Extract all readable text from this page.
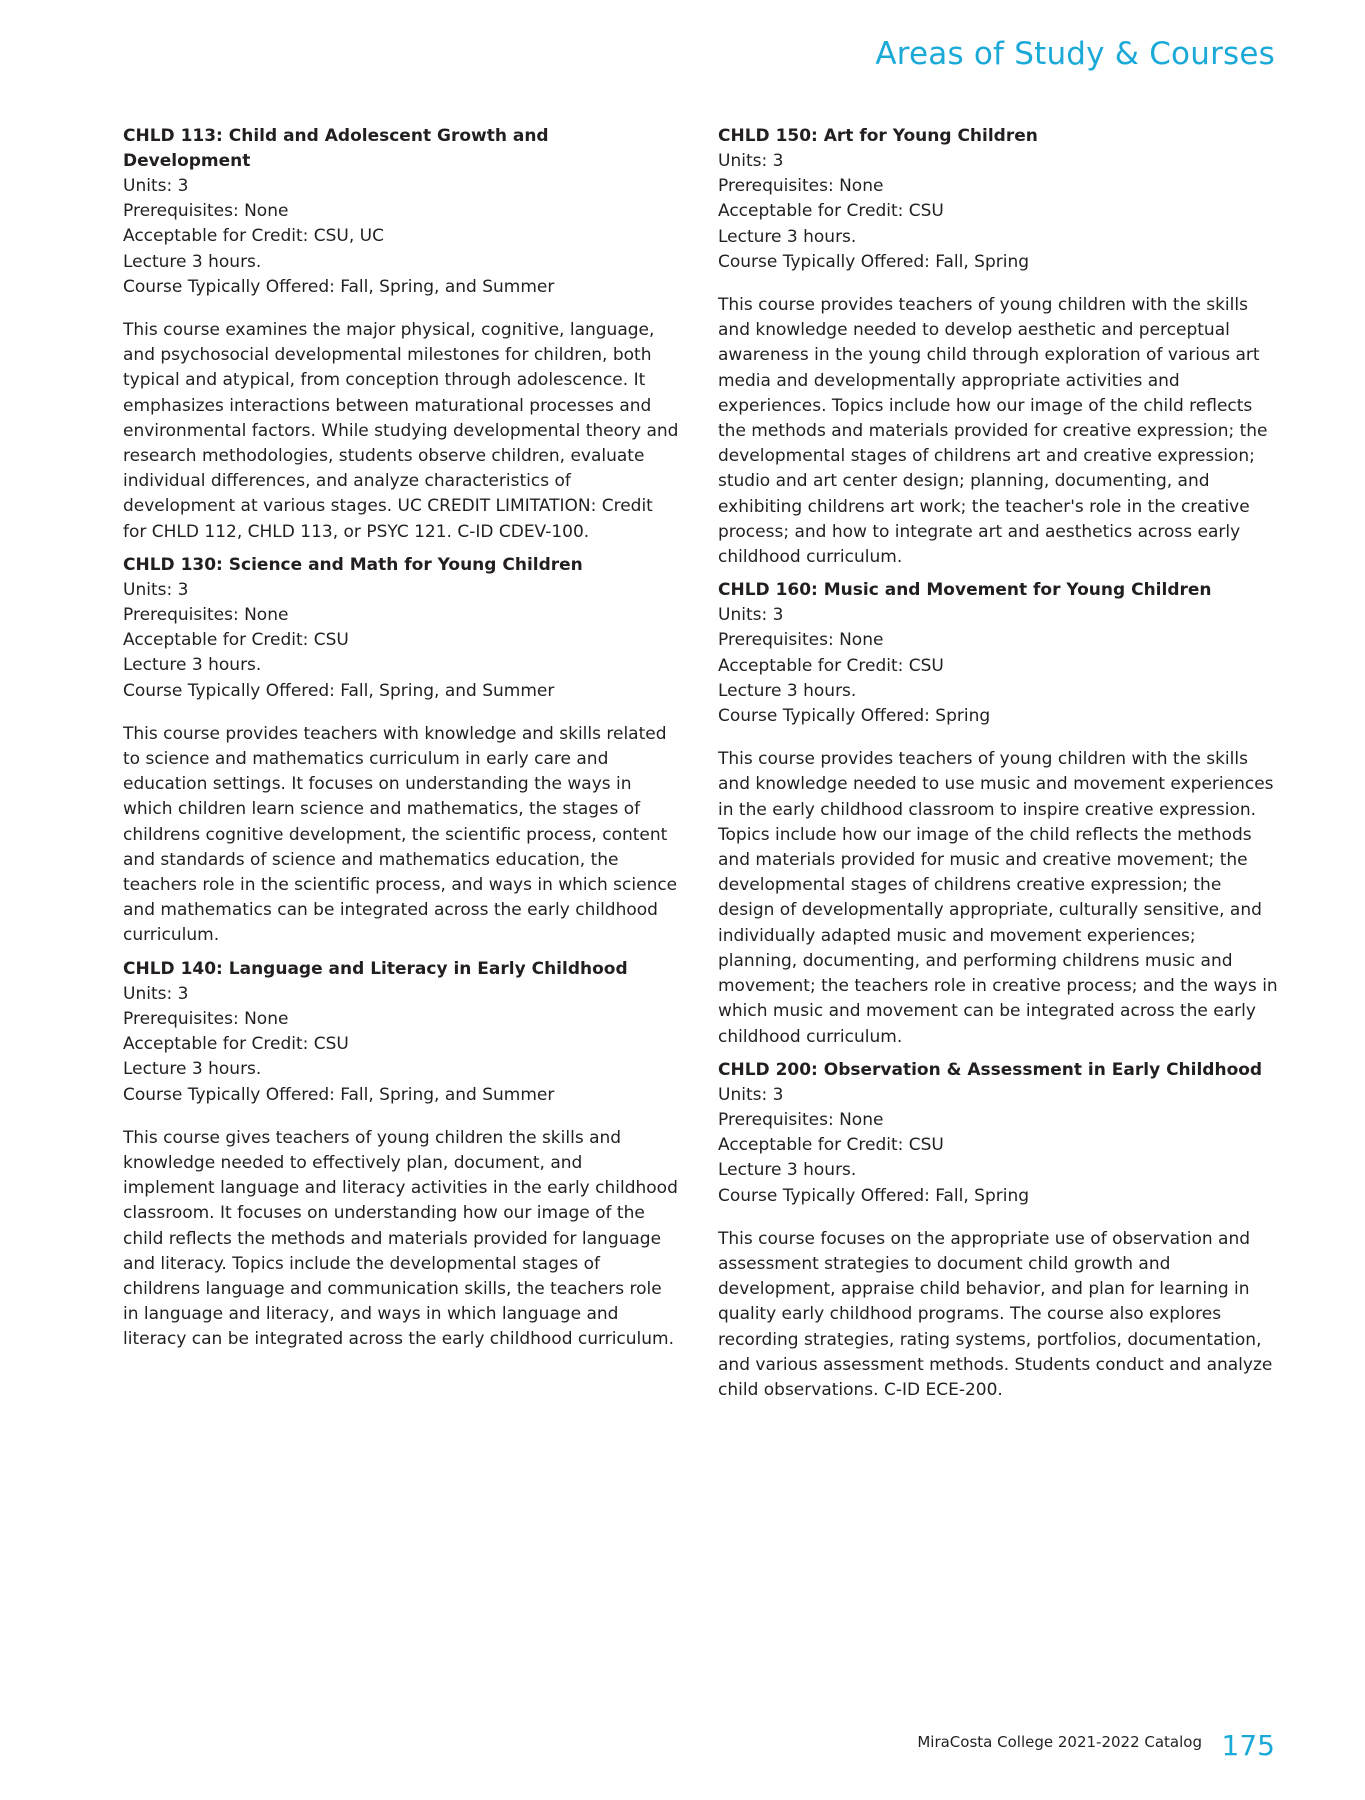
Areas of Study & Courses

CHLD 113: Child and Adolescent Growth and Development

Units: 3

Prerequisites: None

Acceptable for Credit: CSU, UC

Lecture 3 hours.

Course Typically Offered: Fall, Spring, and Summer

This course examines the major physical, cognitive, language, and psychosocial developmental milestones for children, both typical and atypical, from conception through adolescence. It emphasizes interactions between maturational processes and environmental factors. While studying developmental theory and research methodologies, students observe children, evaluate individual differences, and analyze characteristics of development at various stages. UC CREDIT LIMITATION: Credit for CHLD 112, CHLD 113, or PSYC 121. C-ID CDEV-100.

CHLD 130: Science and Math for Young Children

Units: 3

Prerequisites: None

Acceptable for Credit: CSU

Lecture 3 hours.

Course Typically Offered: Fall, Spring, and Summer

This course provides teachers with knowledge and skills related to science and mathematics curriculum in early care and education settings. It focuses on understanding the ways in which children learn science and mathematics, the stages of childrens cognitive development, the scientific process, content and standards of science and mathematics education, the teachers role in the scientific process, and ways in which science and mathematics can be integrated across the early childhood curriculum.

CHLD 140: Language and Literacy in Early Childhood

Units: 3

Prerequisites: None

Acceptable for Credit: CSU

Lecture 3 hours.

Course Typically Offered: Fall, Spring, and Summer

This course gives teachers of young children the skills and knowledge needed to effectively plan, document, and implement language and literacy activities in the early childhood classroom. It focuses on understanding how our image of the child reflects the methods and materials provided for language and literacy. Topics include the developmental stages of childrens language and communication skills, the teachers role in language and literacy, and ways in which language and literacy can be integrated across the early childhood curriculum.

CHLD 150: Art for Young Children

Units: 3

Prerequisites: None

Acceptable for Credit: CSU

Lecture 3 hours.

Course Typically Offered: Fall, Spring

This course provides teachers of young children with the skills and knowledge needed to develop aesthetic and perceptual awareness in the young child through exploration of various art media and developmentally appropriate activities and experiences. Topics include how our image of the child reflects the methods and materials provided for creative expression; the developmental stages of childrens art and creative expression; studio and art center design; planning, documenting, and exhibiting childrens art work; the teacher's role in the creative process; and how to integrate art and aesthetics across early childhood curriculum.

CHLD 160: Music and Movement for Young Children

Units: 3

Prerequisites: None

Acceptable for Credit: CSU

Lecture 3 hours.

Course Typically Offered: Spring

This course provides teachers of young children with the skills and knowledge needed to use music and movement experiences in the early childhood classroom to inspire creative expression. Topics include how our image of the child reflects the methods and materials provided for music and creative movement; the developmental stages of childrens creative expression; the design of developmentally appropriate, culturally sensitive, and individually adapted music and movement experiences; planning, documenting, and performing childrens music and movement; the teachers role in creative process; and the ways in which music and movement can be integrated across the early childhood curriculum.

CHLD 200: Observation & Assessment in Early Childhood

Units: 3

Prerequisites: None

Acceptable for Credit: CSU

Lecture 3 hours.

Course Typically Offered: Fall, Spring

This course focuses on the appropriate use of observation and assessment strategies to document child growth and development, appraise child behavior, and plan for learning in quality early childhood programs. The course also explores recording strategies, rating systems, portfolios, documentation, and various assessment methods. Students conduct and analyze child observations. C-ID ECE-200.

MiraCosta College 2021-2022 Catalog 175
